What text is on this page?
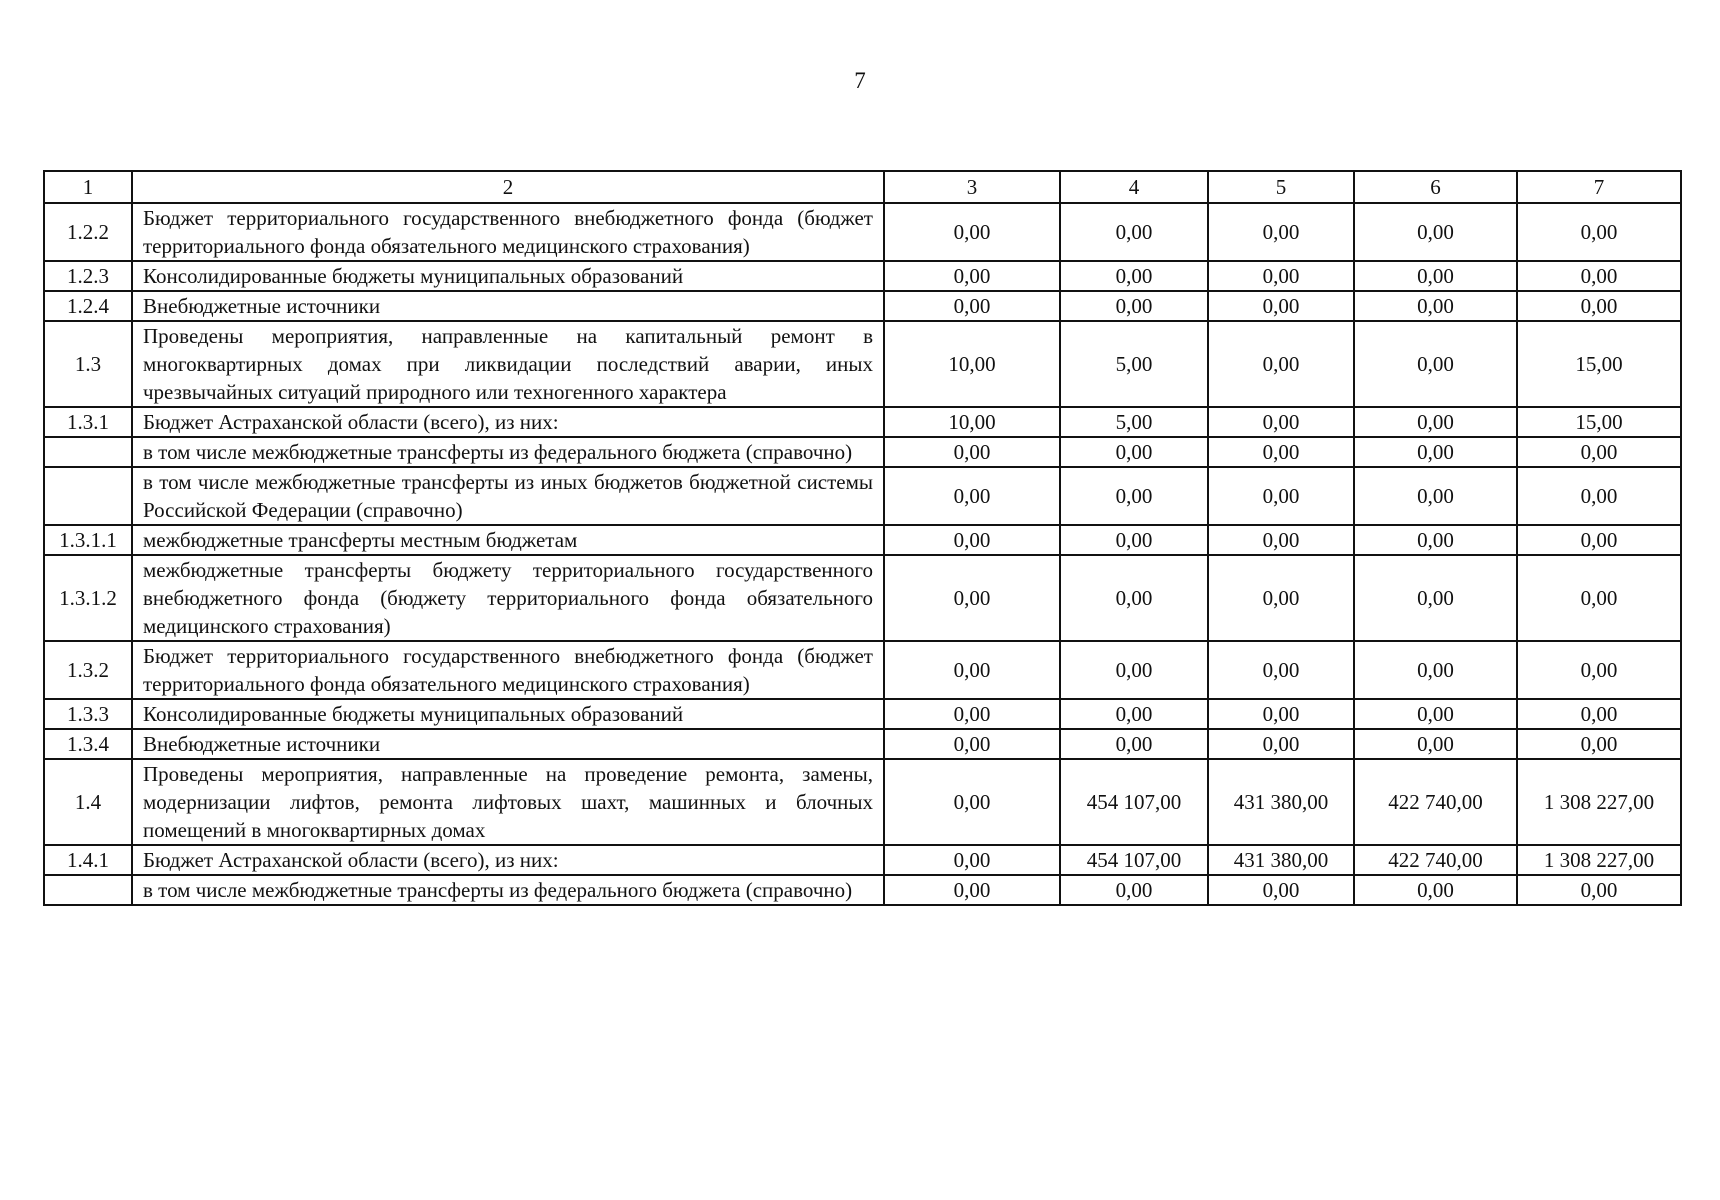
7
1	2	3	4	5	6	7
1.2.2	Бюджет территориального государственного внебюджетного фонда (бюджет территориального фонда обязательного медицинского страхования)	0,00	0,00	0,00	0,00	0,00
1.2.3	Консолидированные бюджеты муниципальных образований	0,00	0,00	0,00	0,00	0,00
1.2.4	Внебюджетные источники	0,00	0,00	0,00	0,00	0,00
1.3	Проведены мероприятия, направленные на капитальный ремонт в многоквартирных домах при ликвидации последствий аварии, иных чрезвычайных ситуаций природного или техногенного характера	10,00	5,00	0,00	0,00	15,00
1.3.1	Бюджет Астраханской области (всего), из них:	10,00	5,00	0,00	0,00	15,00
	в том числе межбюджетные трансферты из федерального бюджета (справочно)	0,00	0,00	0,00	0,00	0,00
	в том числе межбюджетные трансферты из иных бюджетов бюджетной системы Российской Федерации (справочно)	0,00	0,00	0,00	0,00	0,00
1.3.1.1	межбюджетные трансферты местным бюджетам	0,00	0,00	0,00	0,00	0,00
1.3.1.2	межбюджетные трансферты бюджету территориального государственного внебюджетного фонда (бюджету территориального фонда обязательного медицинского страхования)	0,00	0,00	0,00	0,00	0,00
1.3.2	Бюджет территориального государственного внебюджетного фонда (бюджет территориального фонда обязательного медицинского страхования)	0,00	0,00	0,00	0,00	0,00
1.3.3	Консолидированные бюджеты муниципальных образований	0,00	0,00	0,00	0,00	0,00
1.3.4	Внебюджетные источники	0,00	0,00	0,00	0,00	0,00
1.4	Проведены мероприятия, направленные на проведение ремонта, замены, модернизации лифтов, ремонта лифтовых шахт, машинных и блочных помещений в многоквартирных домах	0,00	454 107,00	431 380,00	422 740,00	1 308 227,00
1.4.1	Бюджет Астраханской области (всего), из них:	0,00	454 107,00	431 380,00	422 740,00	1 308 227,00
	в том числе межбюджетные трансферты из федерального бюджета (справочно)	0,00	0,00	0,00	0,00	0,00
